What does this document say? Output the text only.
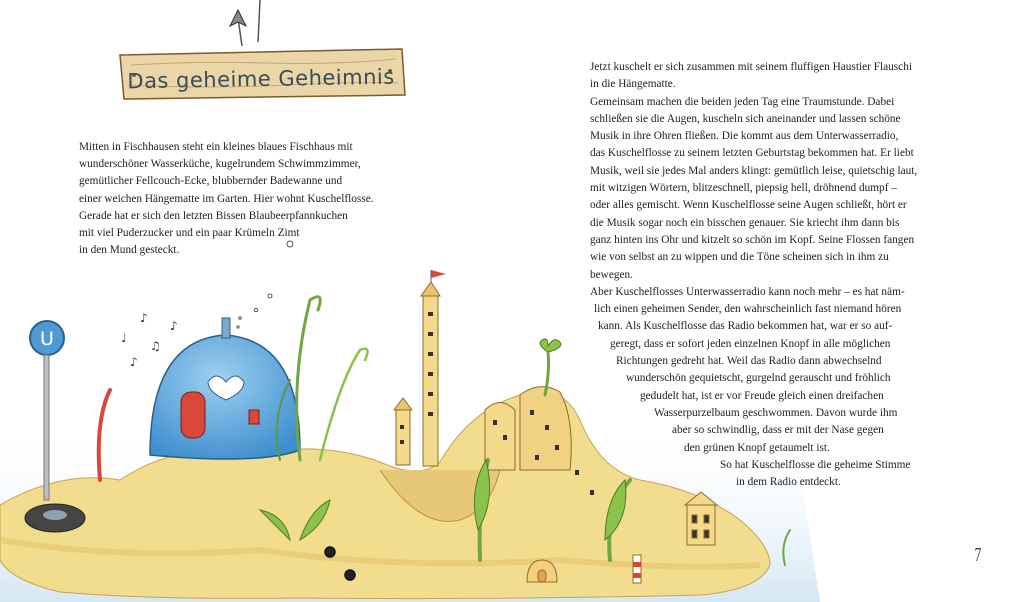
U
♪
♪
♫
♪
♩
Das geheime Geheimnis
Mitten in Fischhausen steht ein kleines blaues Fischhaus mit
wunderschöner Wasserküche, kugelrundem Schwimmzimmer,
gemütlicher Fellcouch-Ecke, blubbernder Badewanne und
einer weichen Hängematte im Garten. Hier wohnt Kuschelflosse.
Gerade hat er sich den letzten Bissen Blaubeerpfannkuchen
mit viel Puderzucker und ein paar Krümeln Zimt
in den Mund gesteckt.
Jetzt kuschelt er sich zusammen mit seinem fluffigen Haustier Flauschi
in die Hängematte.
Gemeinsam machen die beiden jeden Tag eine Traumstunde. Dabei
schließen sie die Augen, kuscheln sich aneinander und lassen schöne
Musik in ihre Ohren fließen. Die kommt aus dem Unterwasserradio,
das Kuschelflosse zu seinem letzten Geburtstag bekommen hat. Er liebt
Musik, weil sie jedes Mal anders klingt: gemütlich leise, quietschig laut,
mit witzigen Wörtern, blitzeschnell, piepsig hell, dröhnend dumpf –
oder alles gemischt. Wenn Kuschelflosse seine Augen schließt, hört er
die Musik sogar noch ein bisschen genauer. Sie kriecht ihm dann bis
ganz hinten ins Ohr und kitzelt so schön im Kopf. Seine Flossen fangen
wie von selbst an zu wippen und die Töne scheinen sich in ihm zu
bewegen.
Aber Kuschelflosses Unterwasserradio kann noch mehr – es hat näm-
lich einen geheimen Sender, den wahrscheinlich fast niemand hören
kann. Als Kuschelflosse das Radio bekommen hat, war er so auf-
geregt, dass er sofort jeden einzelnen Knopf in alle möglichen
Richtungen gedreht hat. Weil das Radio dann abwechselnd
wunderschön gequietscht, gurgelnd gerauscht und fröhlich
gedudelt hat, ist er vor Freude gleich einen dreifachen
Wasserpurzelbaum geschwommen. Davon wurde ihm
aber so schwindlig, dass er mit der Nase gegen
den grünen Knopf getaumelt ist.
So hat Kuschelflosse die geheime Stimme
in dem Radio entdeckt.
7
